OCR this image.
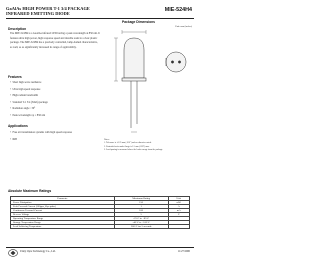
GaAlAs HIGH POWER T-1 3/4 PACKAGE
INFRARED EMITTING DIODE
MIE-524H4
Description
The MIE-524H4 is a GaAlAs infrared LED having a peak wavelength at 850 nm. It features ultra high power, high response speed and durable resin in a clear plastic package. The MIE-524H4 has a precisely controlled, lamp-domed characteristics, as well, so as significantly increased its range of applicability.
Features
• Short high-wave resilience
• Ultra high speed response
• High radiant bandwidth
• Standard T-1 3/4 (5mm) package
• Radiation angle : 30°
• Peak wavelength λp = 850 nm
Applications
• Free air transmission systems with high speed response
• IRB
Package Dimensions
Unit: mm (inches)
Notes:
1. Tolerance is ±0.25 mm (.010") unless otherwise noted.
2. Protruded resin under flange is 1.5 mm (.059") max.
3. Lead spacing is measured where the leads emerge from the package.
Absolute Maximum Ratings
Parameter	Maximum Rating	Unit
Power Dissipation	150	mW
Peak Forward Current (300pps,10μs pulse)	1	A
Continuous Forward Current	100	mA
Reverse Voltage	5	V
Operating Temperature Range	-25°C to +85°C	
Storage Temperature Range	-40°C to +100°C	
Lead Soldering Temperature	260°C for 5 seconds	
Unity Opto Technology Co., Ltd.	11/27/2000
